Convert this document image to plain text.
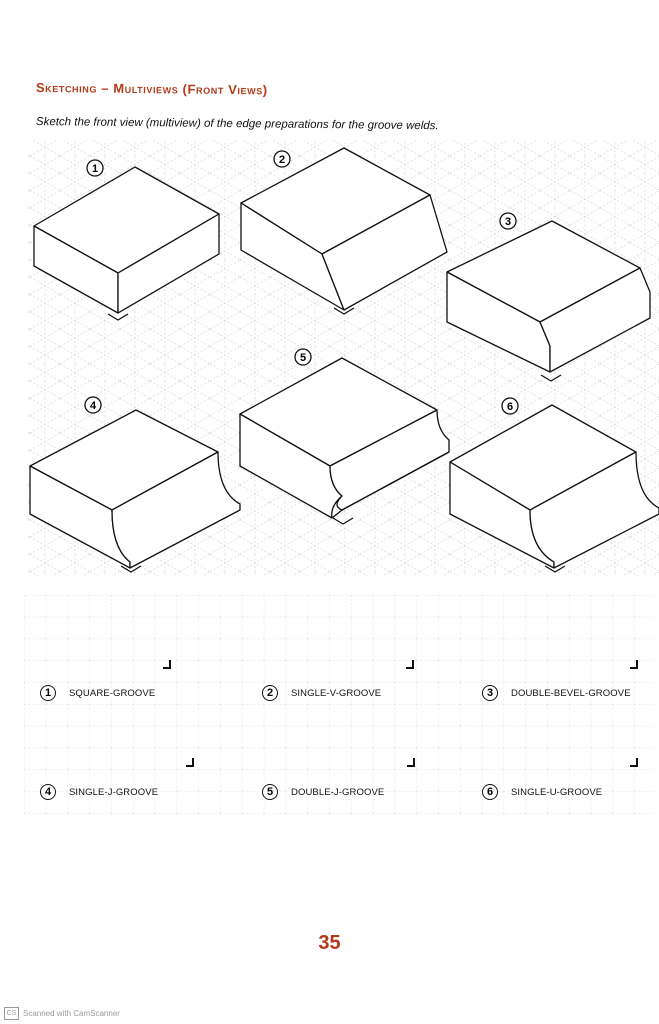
Sketching – Multiviews (Front Views)
Sketch the front view (multiview) of the edge preparations for the groove welds.
1
2
3
4
5
6
1	SQUARE-GROOVE	2	SINGLE-V-GROOVE	3	DOUBLE-BEVEL-GROOVE
4	SINGLE-J-GROOVE	5	DOUBLE-J-GROOVE	6	SINGLE-U-GROOVE
35
CS Scanned with CamScanner
